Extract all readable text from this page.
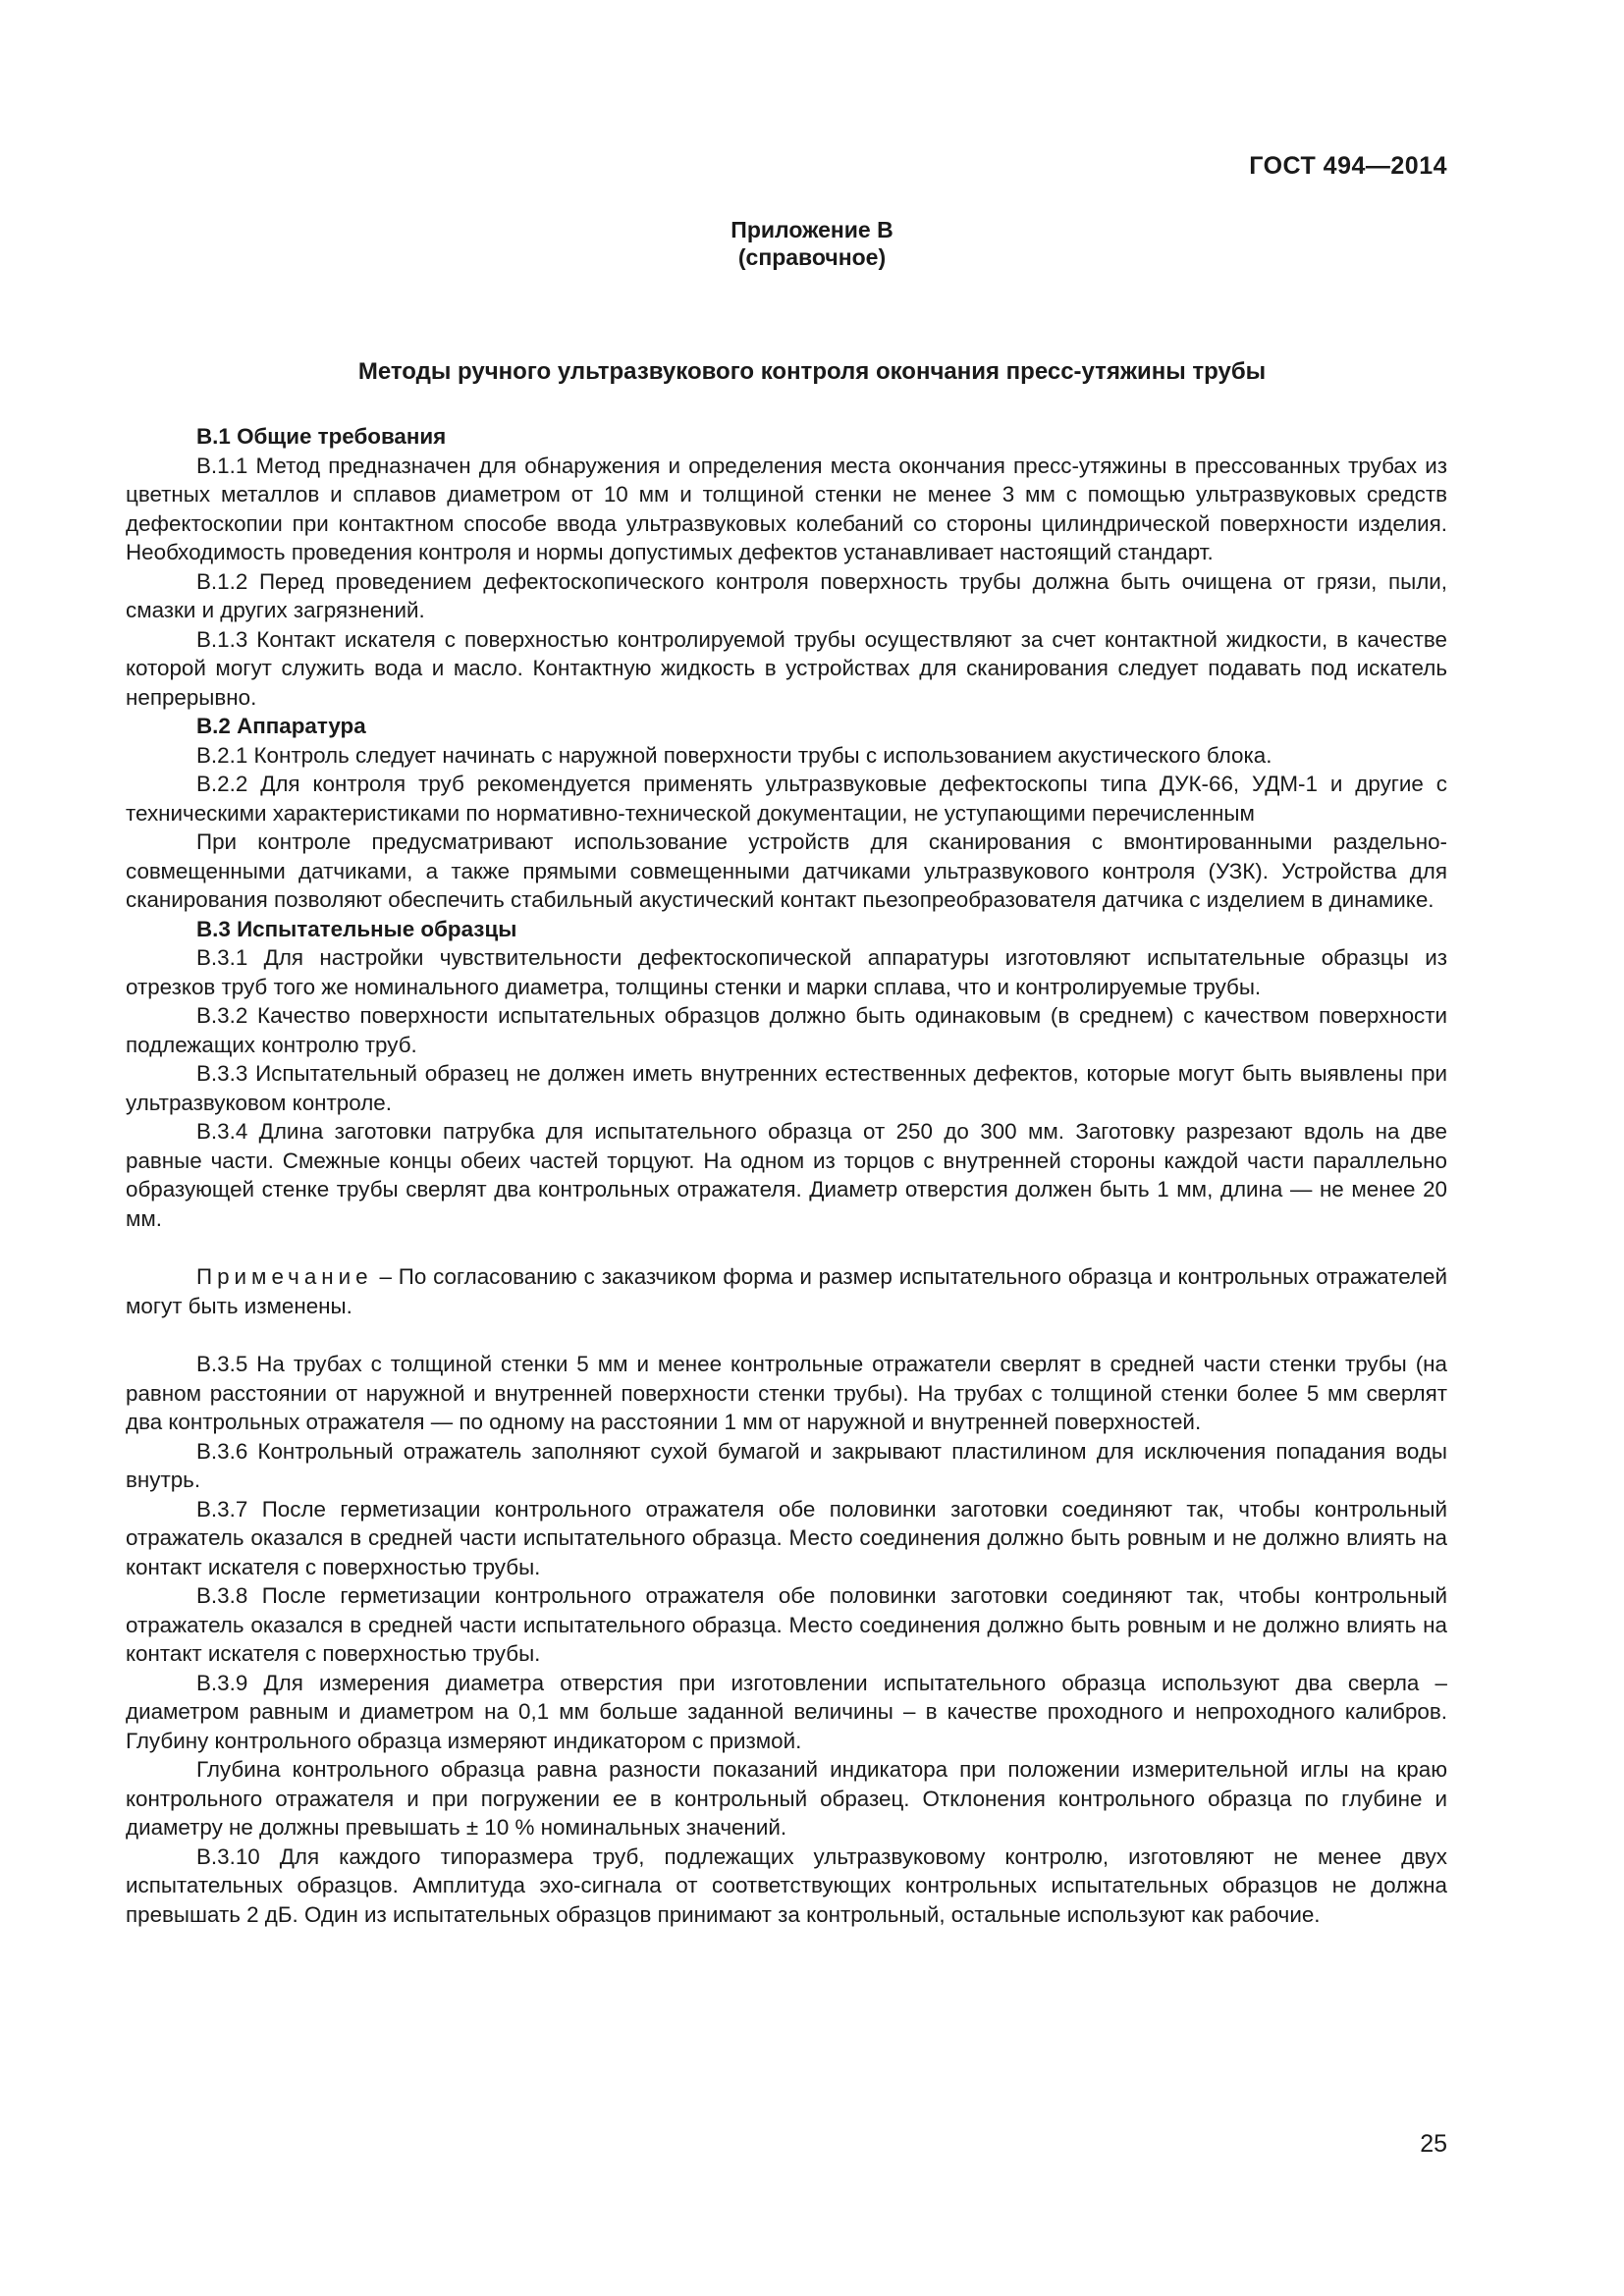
ГОСТ 494—2014
Приложение В
(справочное)
Методы ручного ультразвукового контроля окончания пресс-утяжины трубы
В.1 Общие требования

В.1.1 Метод предназначен для обнаружения и определения места окончания пресс-утяжины в прессованных трубах из цветных металлов и сплавов диаметром от 10 мм и толщиной стенки не менее 3 мм с помощью ультразвуковых средств дефектоскопии при контактном способе ввода ультразвуковых колебаний со стороны цилиндрической поверхности изделия. Необходимость проведения контроля и нормы допустимых дефектов устанавливает настоящий стандарт.

В.1.2 Перед проведением дефектоскопического контроля поверхность трубы должна быть очищена от грязи, пыли, смазки и других загрязнений.

В.1.3 Контакт искателя с поверхностью контролируемой трубы осуществляют за счет контактной жидкости, в качестве которой могут служить вода и масло. Контактную жидкость в устройствах для сканирования следует подавать под искатель непрерывно.

В.2 Аппаратура

В.2.1 Контроль следует начинать с наружной поверхности трубы с использованием акустического блока.

В.2.2 Для контроля труб рекомендуется применять ультразвуковые дефектоскопы типа ДУК-66, УДМ-1 и другие с техническими характеристиками по нормативно-технической документации, не уступающими перечисленным

При контроле предусматривают использование устройств для сканирования с вмонтированными раздельно-совмещенными датчиками, а также прямыми совмещенными датчиками ультразвукового контроля (УЗК). Устройства для сканирования позволяют обеспечить стабильный акустический контакт пьезопреобразователя датчика с изделием в динамике.

В.3 Испытательные образцы

В.3.1 Для настройки чувствительности дефектоскопической аппаратуры изготовляют испытательные образцы из отрезков труб того же номинального диаметра, толщины стенки и марки сплава, что и контролируемые трубы.

В.3.2 Качество поверхности испытательных образцов должно быть одинаковым (в среднем) с качеством поверхности подлежащих контролю труб.

В.3.3 Испытательный образец не должен иметь внутренних естественных дефектов, которые могут быть выявлены при ультразвуковом контроле.

В.3.4 Длина заготовки патрубка для испытательного образца от 250 до 300 мм. Заготовку разрезают вдоль на две равные части. Смежные концы обеих частей торцуют. На одном из торцов с внутренней стороны каждой части параллельно образующей стенке трубы сверлят два контрольных отражателя. Диаметр отверстия должен быть 1 мм, длина — не менее 20 мм.

Примечание – По согласованию с заказчиком форма и размер испытательного образца и контрольных отражателей могут быть изменены.

В.3.5 На трубах с толщиной стенки 5 мм и менее контрольные отражатели сверлят в средней части стенки трубы (на равном расстоянии от наружной и внутренней поверхности стенки трубы). На трубах с толщиной стенки более 5 мм сверлят два контрольных отражателя — по одному на расстоянии 1 мм от наружной и внутренней поверхностей.

В.3.6 Контрольный отражатель заполняют сухой бумагой и закрывают пластилином для исключения попадания воды внутрь.

В.3.7 После герметизации контрольного отражателя обе половинки заготовки соединяют так, чтобы контрольный отражатель оказался в средней части испытательного образца. Место соединения должно быть ровным и не должно влиять на контакт искателя с поверхностью трубы.

В.3.8 После герметизации контрольного отражателя обе половинки заготовки соединяют так, чтобы контрольный отражатель оказался в средней части испытательного образца. Место соединения должно быть ровным и не должно влиять на контакт искателя с поверхностью трубы.

В.3.9 Для измерения диаметра отверстия при изготовлении испытательного образца используют два сверла – диаметром равным и диаметром на 0,1 мм больше заданной величины – в качестве проходного и непроходного калибров. Глубину контрольного образца измеряют индикатором с призмой.

Глубина контрольного образца равна разности показаний индикатора при положении измерительной иглы на краю контрольного отражателя и при погружении ее в контрольный образец. Отклонения контрольного образца по глубине и диаметру не должны превышать ± 10 % номинальных значений.

В.3.10 Для каждого типоразмера труб, подлежащих ультразвуковому контролю, изготовляют не менее двух испытательных образцов. Амплитуда эхо-сигнала от соответствующих контрольных испытательных образцов не должна превышать 2 дБ. Один из испытательных образцов принимают за контрольный, остальные используют как рабочие.

25
